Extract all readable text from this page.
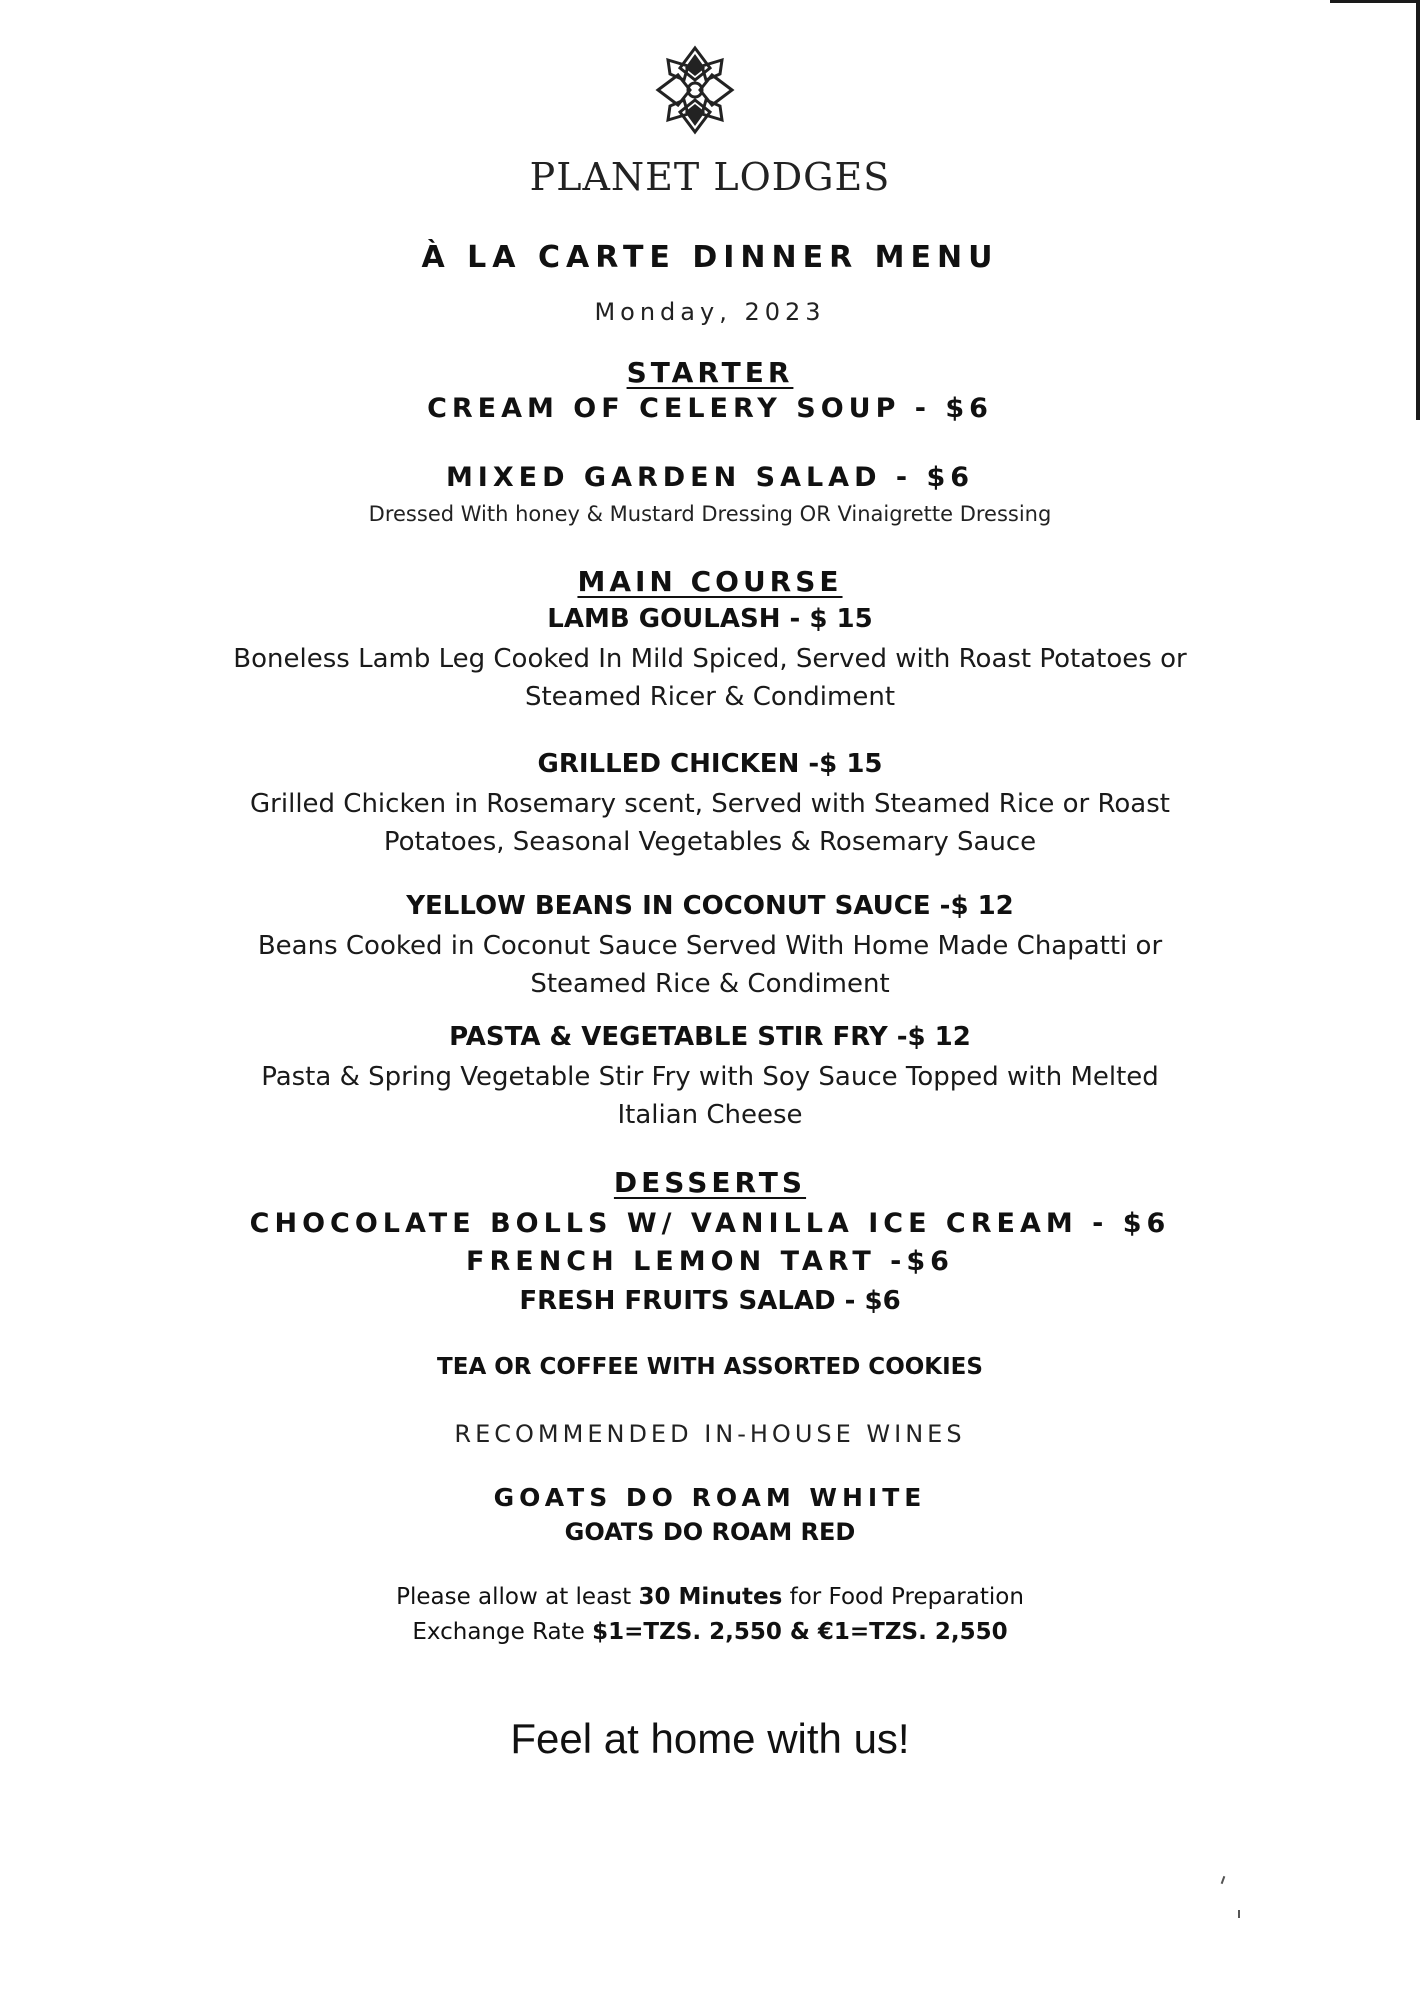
PLANET LODGES
À LA CARTE DINNER MENU
Monday, 2023
STARTER
CREAM OF CELERY SOUP - $6
MIXED GARDEN SALAD - $6
Dressed With honey & Mustard Dressing OR Vinaigrette Dressing
MAIN COURSE
LAMB GOULASH - $ 15
Boneless Lamb Leg Cooked In Mild Spiced, Served with Roast Potatoes or
Steamed Ricer & Condiment
GRILLED CHICKEN -$ 15
Grilled Chicken in Rosemary scent, Served with Steamed Rice or Roast
Potatoes, Seasonal Vegetables & Rosemary Sauce
YELLOW BEANS IN COCONUT SAUCE -$ 12
Beans Cooked in Coconut Sauce Served With Home Made Chapatti or
Steamed Rice & Condiment
PASTA & VEGETABLE STIR FRY -$ 12
Pasta & Spring Vegetable Stir Fry with Soy Sauce Topped with Melted
Italian Cheese
DESSERTS
CHOCOLATE BOLLS W/ VANILLA ICE CREAM - $6
FRENCH LEMON TART -$6
FRESH FRUITS SALAD - $6
TEA OR COFFEE WITH ASSORTED COOKIES
RECOMMENDED IN-HOUSE WINES
GOATS DO ROAM WHITE
GOATS DO ROAM RED
Please allow at least 30 Minutes for Food Preparation
Exchange Rate $1=TZS. 2,550 & €1=TZS. 2,550
Feel at home with us!
